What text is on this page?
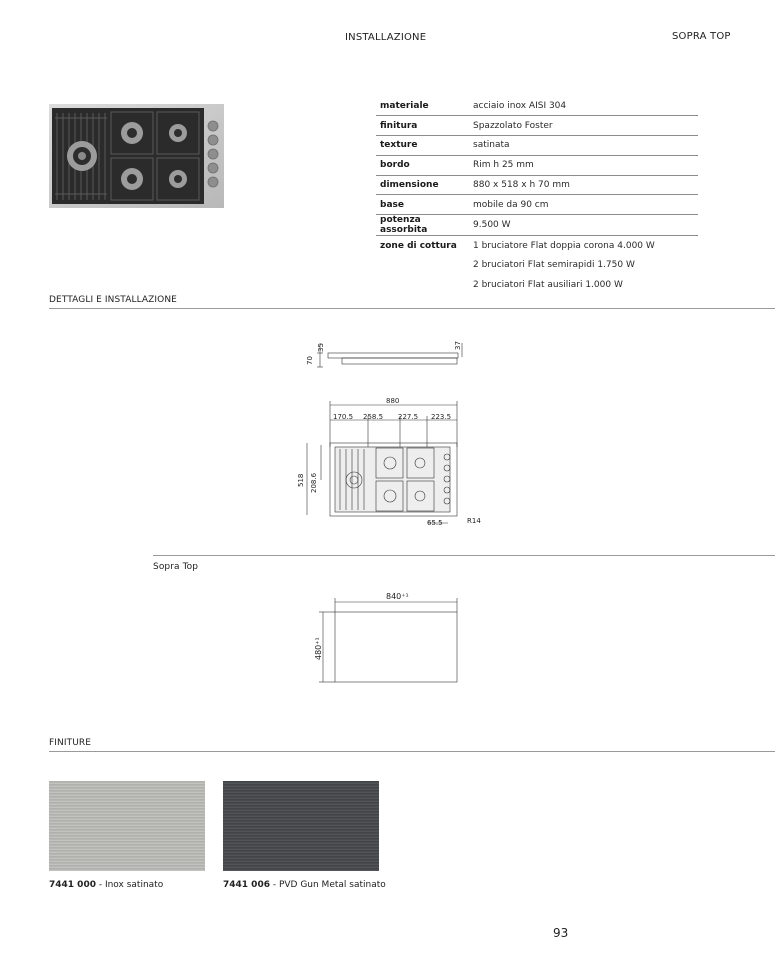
INSTALLAZIONE	SOPRA TOP
materiale	acciaio inox AISI 304
finitura	Spazzolato Foster
texture	satinata
bordo	Rim h 25 mm
dimensione	880 x 518 x h 70 mm
base	mobile da 90 cm
potenza assorbita	9.500 W
zone di cottura	1 bruciatore Flat doppia corona 4.000 W
	2 bruciatori Flat semirapidi 1.750 W
	2 bruciatori Flat ausiliari 1.000 W
DETTAGLI E INSTALLAZIONE
70
35	37
880
170.5 258.5 227.5 223.5
518 208.6
65.5	R14
Sopra Top
840⁺¹
480⁺¹
FINITURE
7441 000 - Inox satinato	7441 006 - PVD Gun Metal satinato
93
